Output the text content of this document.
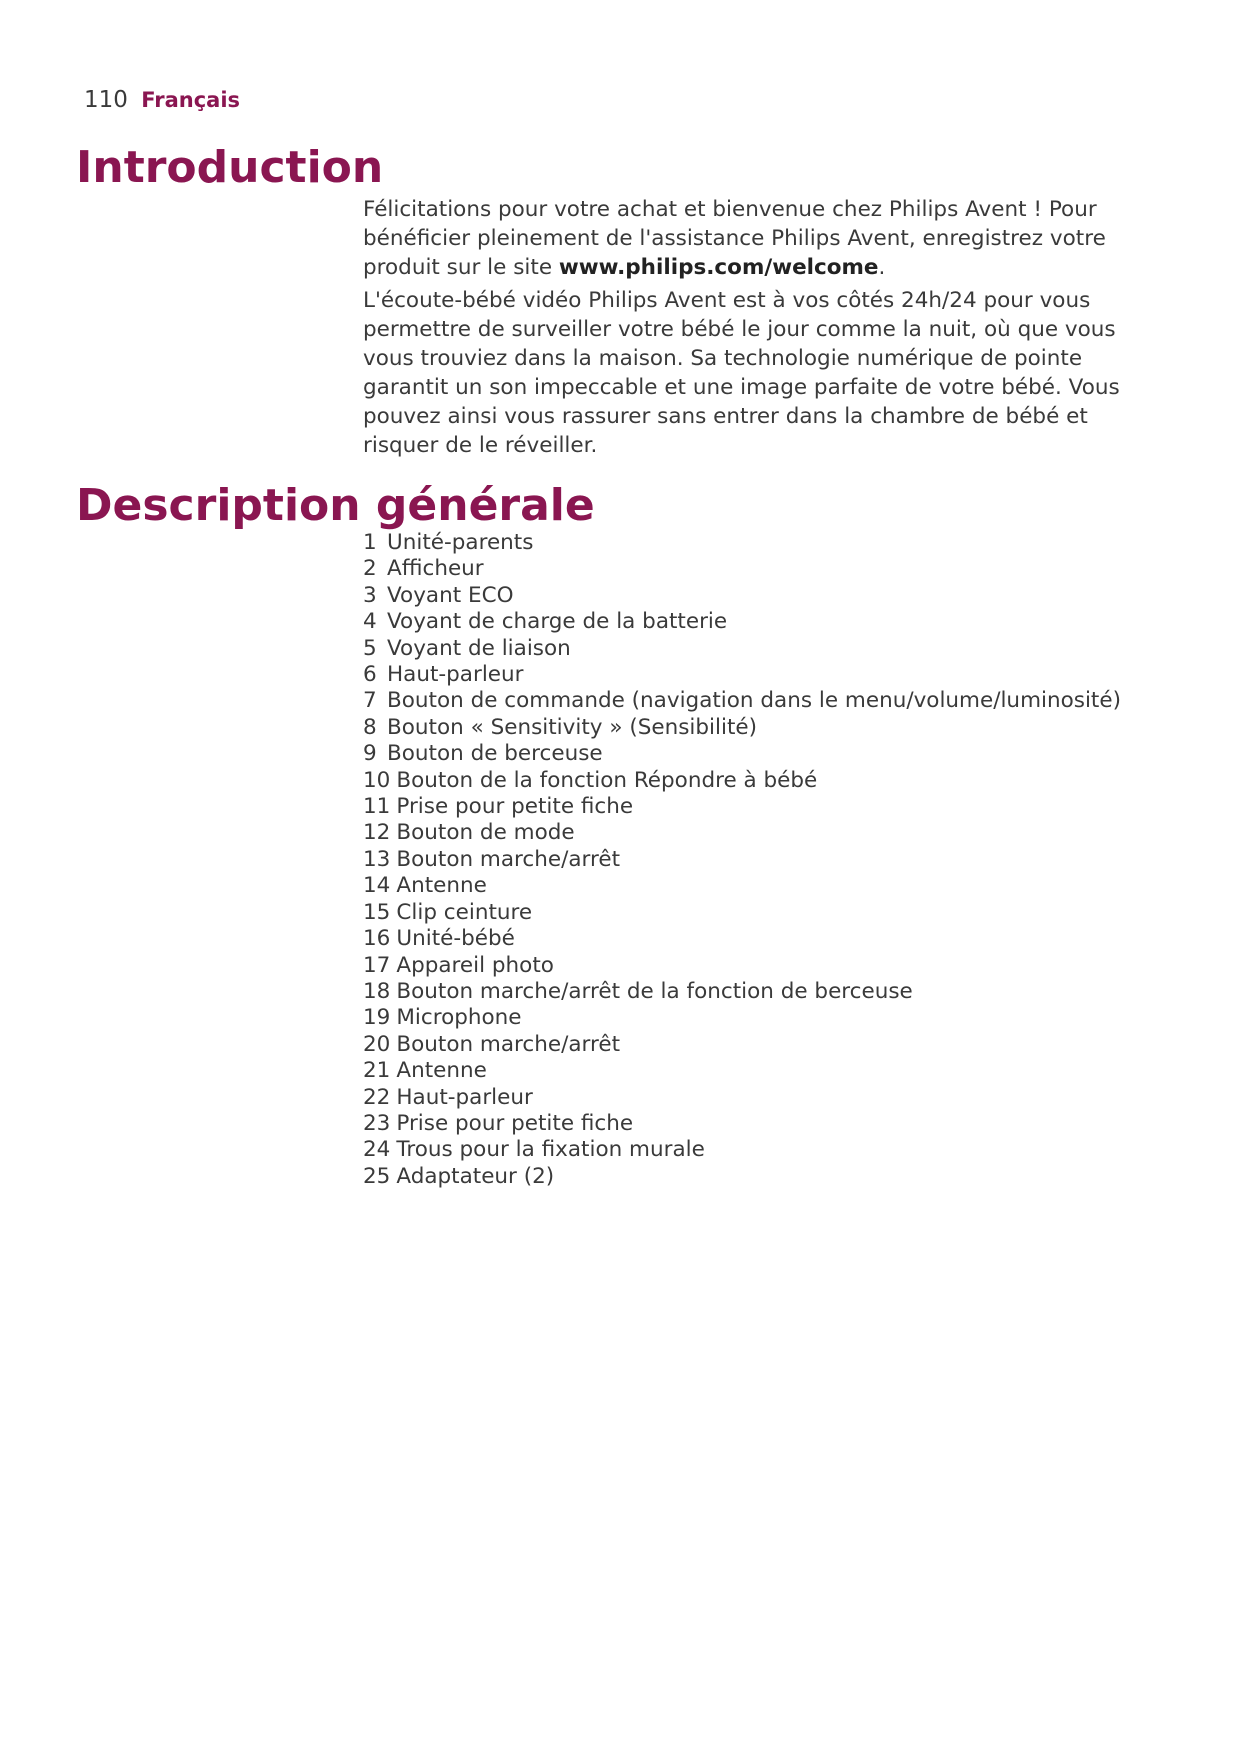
110 Français
Introduction

Félicitations pour votre achat et bienvenue chez Philips Avent ! Pour bénéficier pleinement de l'assistance Philips Avent, enregistrez votre produit sur le site www.philips.com/welcome.

L'écoute-bébé vidéo Philips Avent est à vos côtés 24h/24 pour vous permettre de surveiller votre bébé le jour comme la nuit, où que vous vous trouviez dans la maison. Sa technologie numérique de pointe garantit un son impeccable et une image parfaite de votre bébé. Vous pouvez ainsi vous rassurer sans entrer dans la chambre de bébé et risquer de le réveiller.

Description générale
1 Unité-parents
2 Afficheur
3 Voyant ECO
4 Voyant de charge de la batterie
5 Voyant de liaison
6 Haut-parleur
7 Bouton de commande (navigation dans le menu/volume/luminosité)
8 Bouton « Sensitivity » (Sensibilité)
9 Bouton de berceuse
10 Bouton de la fonction Répondre à bébé
11 Prise pour petite fiche
12 Bouton de mode
13 Bouton marche/arrêt
14 Antenne
15 Clip ceinture
16 Unité-bébé
17 Appareil photo
18 Bouton marche/arrêt de la fonction de berceuse
19 Microphone
20 Bouton marche/arrêt
21 Antenne
22 Haut-parleur
23 Prise pour petite fiche
24 Trous pour la fixation murale
25 Adaptateur (2)
